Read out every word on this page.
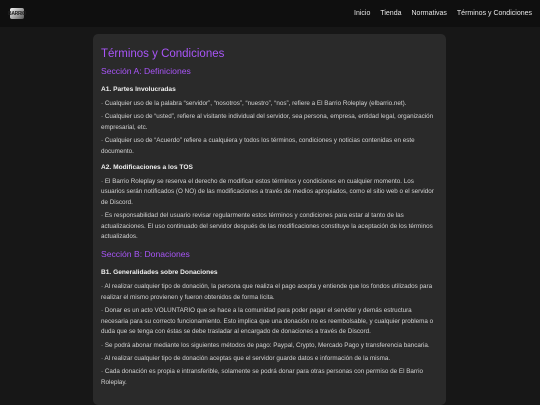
BARRIO	Inicio Tienda Normativas Términos y Condiciones
Términos y Condiciones
Sección A: Definiciones
A1. Partes Involucradas

· Cualquier uso de la palabra “servidor”, “nosotros”, “nuestro”, “nos”, refiere a El Barrio Roleplay (elbarrio.net).

· Cualquier uso de “usted”, refiere al visitante individual del servidor, sea persona, empresa, entidad legal, organización empresarial, etc.

· Cualquier uso de “Acuerdo” refiere a cualquiera y todos los términos, condiciones y noticias contenidas en este documento.

A2. Modificaciones a los TOS

· El Barrio Roleplay se reserva el derecho de modificar estos términos y condiciones en cualquier momento. Los usuarios serán notificados (O NO) de las modificaciones a través de medios apropiados, como el sitio web o el servidor de Discord.

· Es responsabilidad del usuario revisar regularmente estos términos y condiciones para estar al tanto de las actualizaciones. El uso continuado del servidor después de las modificaciones constituye la aceptación de los términos actualizados.

Sección B: Donaciones
B1. Generalidades sobre Donaciones

· Al realizar cualquier tipo de donación, la persona que realiza el pago acepta y entiende que los fondos utilizados para realizar el mismo provienen y fueron obtenidos de forma lícita.

· Donar es un acto VOLUNTARIO que se hace a la comunidad para poder pagar el servidor y demás estructura necesaria para su correcto funcionamiento. Esto implica que una donación no es reembolsable, y cualquier problema o duda que se tenga con éstas se debe trasladar al encargado de donaciones a través de Discord.

· Se podrá abonar mediante los siguientes métodos de pago: Paypal, Crypto, Mercado Pago y transferencia bancaria.

· Al realizar cualquier tipo de donación aceptas que el servidor guarde datos e información de la misma.

· Cada donación es propia e intransferible, solamente se podrá donar para otras personas con permiso de El Barrio Roleplay.
